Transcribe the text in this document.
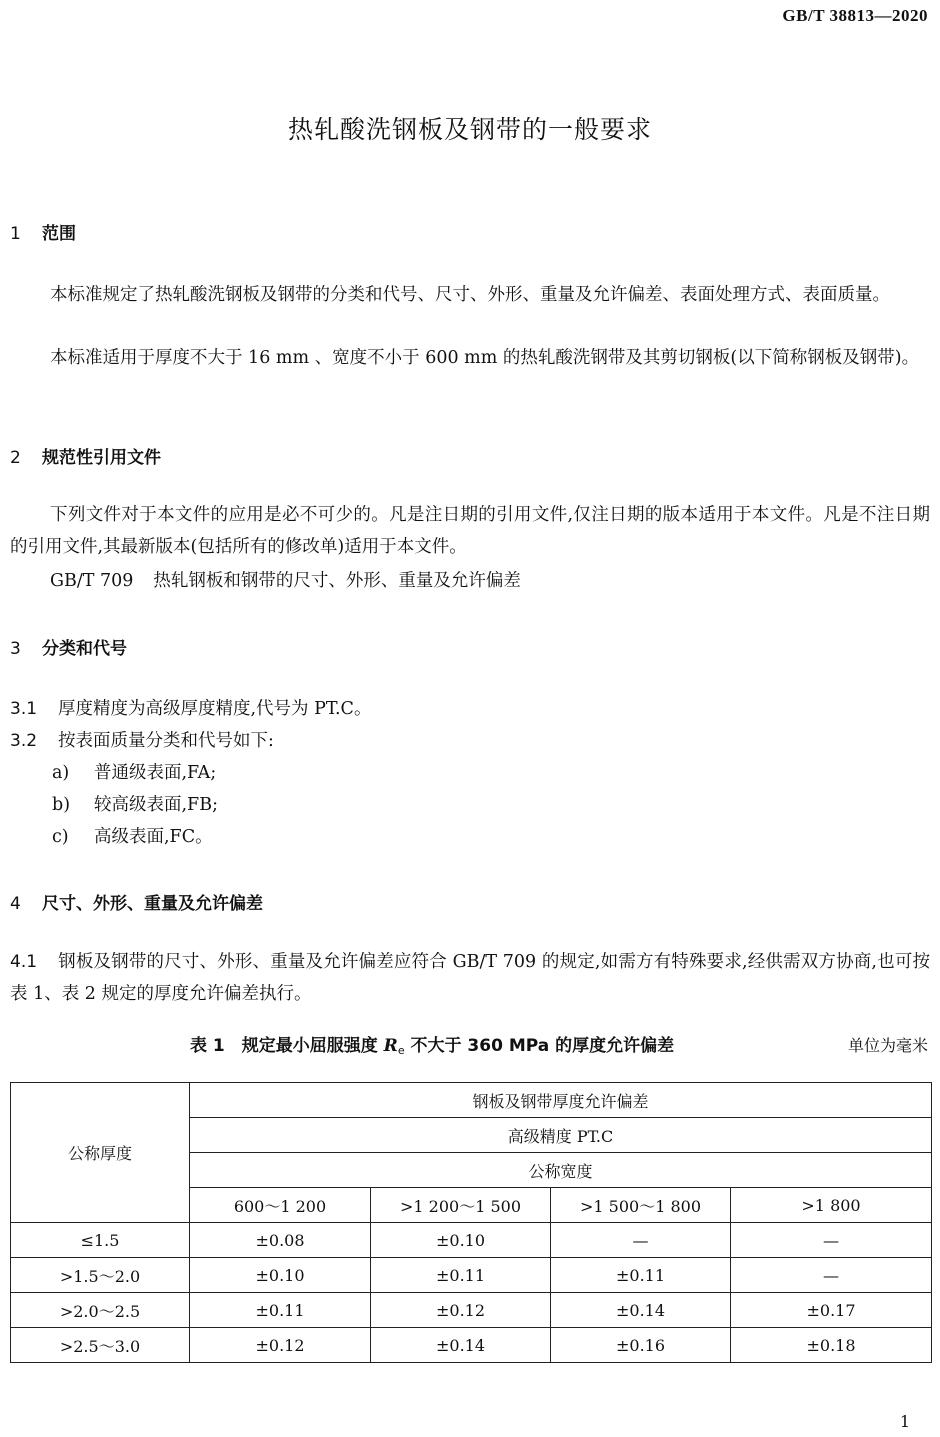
GB/T 38813—2020
热轧酸洗钢板及钢带的一般要求
1 范围
本标准规定了热轧酸洗钢板及钢带的分类和代号、尺寸、外形、重量及允许偏差、表面处理方式、表面质量。
本标准适用于厚度不大于 16 mm 、宽度不小于 600 mm 的热轧酸洗钢带及其剪切钢板(以下简称钢板及钢带)。
2 规范性引用文件
下列文件对于本文件的应用是必不可少的。凡是注日期的引用文件,仅注日期的版本适用于本文件。凡是不注日期的引用文件,其最新版本(包括所有的修改单)适用于本文件。
GB/T 709 热轧钢板和钢带的尺寸、外形、重量及允许偏差
3 分类和代号
3.1 厚度精度为高级厚度精度,代号为 PT.C。
3.2 按表面质量分类和代号如下:
a) 普通级表面,FA;
b) 较高级表面,FB;
c) 高级表面,FC。
4 尺寸、外形、重量及允许偏差
4.1 钢板及钢带的尺寸、外形、重量及允许偏差应符合 GB/T 709 的规定,如需方有特殊要求,经供需双方协商,也可按表 1、表 2 规定的厚度允许偏差执行。
表 1　规定最小屈服强度 $R_e$ 不大于 360 MPa 的厚度允许偏差	单位为毫米
公称厚度	钢板及钢带厚度允许偏差			
	高级精度 PT.C			
	公称宽度			
	600～1 200	>1 200～1 500	>1 500～1 800	>1 800
≤1.5	±0.08	±0.10	—	—
>1.5～2.0	±0.10	±0.11	±0.11	—
>2.0～2.5	±0.11	±0.12	±0.14	±0.17
>2.5～3.0	±0.12	±0.14	±0.16	±0.18
1
